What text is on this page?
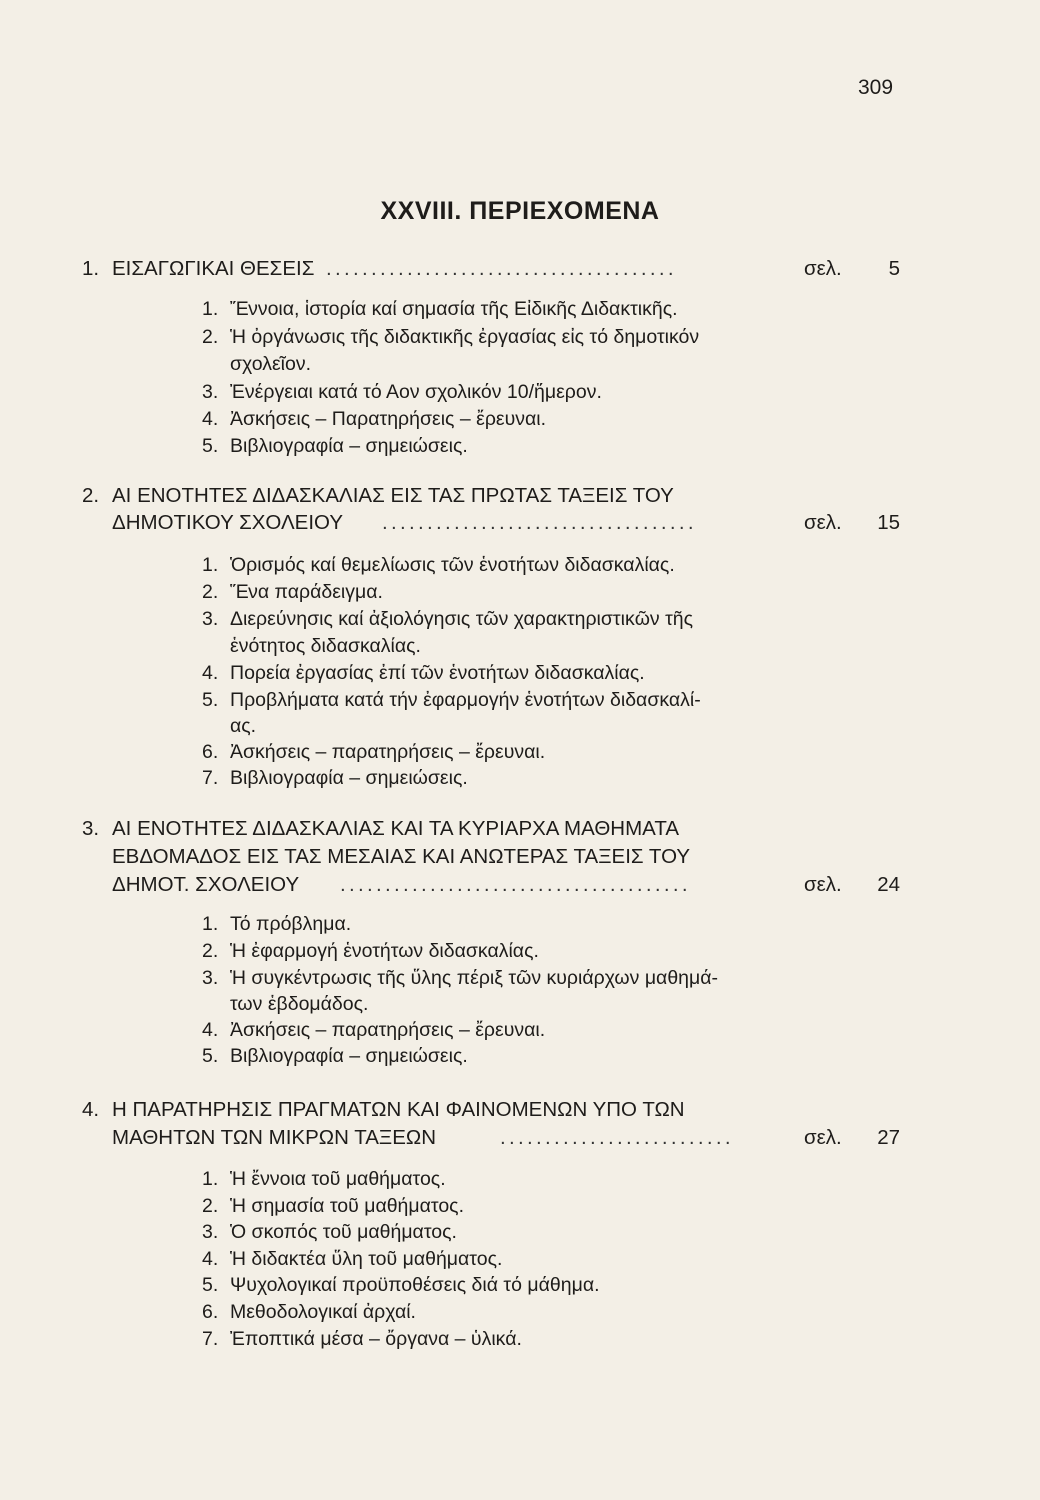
309
XXVIII. ΠΕΡΙΕΧΟΜΕΝΑ
1. ΕΙΣΑΓΩΓΙΚΑΙ ΘΕΣΕΙΣ .......................................	σελ. 5
1. Ἔννοια, ἱστορία καί σημασία τῆς Εἰδικῆς Διδακτικῆς.
2. Ἡ ὀργάνωσις τῆς διδακτικῆς ἐργασίας εἰς τό δημοτικόν
σχολεῖον.
3. Ἐνέργειαι κατά τό Αον σχολικόν 10/ἥμερον.
4. Ἀσκήσεις – Παρατηρήσεις – ἔρευναι.
5. Βιβλιογραφία – σημειώσεις.
2. ΑΙ ΕΝΟΤΗΤΕΣ ΔΙΔΑΣΚΑΛΙΑΣ ΕΙΣ ΤΑΣ ΠΡΩΤΑΣ ΤΑΞΕΙΣ ΤΟΥ
ΔΗΜΟΤΙΚΟΥ ΣΧΟΛΕΙΟΥ ...................................	σελ. 15
1. Ὁρισμός καί θεμελίωσις τῶν ἑνοτήτων διδασκαλίας.
2. Ἕνα παράδειγμα.
3. Διερεύνησις καί ἀξιολόγησις τῶν χαρακτηριστικῶν τῆς
ἑνότητος διδασκαλίας.
4. Πορεία ἐργασίας ἐπί τῶν ἑνοτήτων διδασκαλίας.
5. Προβλήματα κατά τήν ἐφαρμογήν ἑνοτήτων διδασκαλί-
ας.
6. Ἀσκήσεις – παρατηρήσεις – ἔρευναι.
7. Βιβλιογραφία – σημειώσεις.
3. ΑΙ ΕΝΟΤΗΤΕΣ ΔΙΔΑΣΚΑΛΙΑΣ ΚΑΙ ΤΑ ΚΥΡΙΑΡΧΑ ΜΑΘΗΜΑΤΑ
ΕΒΔΟΜΑΔΟΣ ΕΙΣ ΤΑΣ ΜΕΣΑΙΑΣ ΚΑΙ ΑΝΩΤΕΡΑΣ ΤΑΞΕΙΣ ΤΟΥ
ΔΗΜΟΤ. ΣΧΟΛΕΙΟΥ .......................................	σελ. 24
1. Τό πρόβλημα.
2. Ἡ ἐφαρμογή ἑνοτήτων διδασκαλίας.
3. Ἡ συγκέντρωσις τῆς ὕλης πέριξ τῶν κυριάρχων μαθημά-
των ἑβδομάδος.
4. Ἀσκήσεις – παρατηρήσεις – ἔρευναι.
5. Βιβλιογραφία – σημειώσεις.
4. Η ΠΑΡΑΤΗΡΗΣΙΣ ΠΡΑΓΜΑΤΩΝ ΚΑΙ ΦΑΙΝΟΜΕΝΩΝ ΥΠΟ ΤΩΝ
ΜΑΘΗΤΩΝ ΤΩΝ ΜΙΚΡΩΝ ΤΑΞΕΩΝ	..........................	σελ. 27
1. Ἡ ἔννοια τοῦ μαθήματος.
2. Ἡ σημασία τοῦ μαθήματος.
3. Ὁ σκοπός τοῦ μαθήματος.
4. Ἡ διδακτέα ὕλη τοῦ μαθήματος.
5. Ψυχολογικαί προϋποθέσεις διά τό μάθημα.
6. Μεθοδολογικαί ἀρχαί.
7. Ἐποπτικά μέσα – ὄργανα – ὑλικά.
